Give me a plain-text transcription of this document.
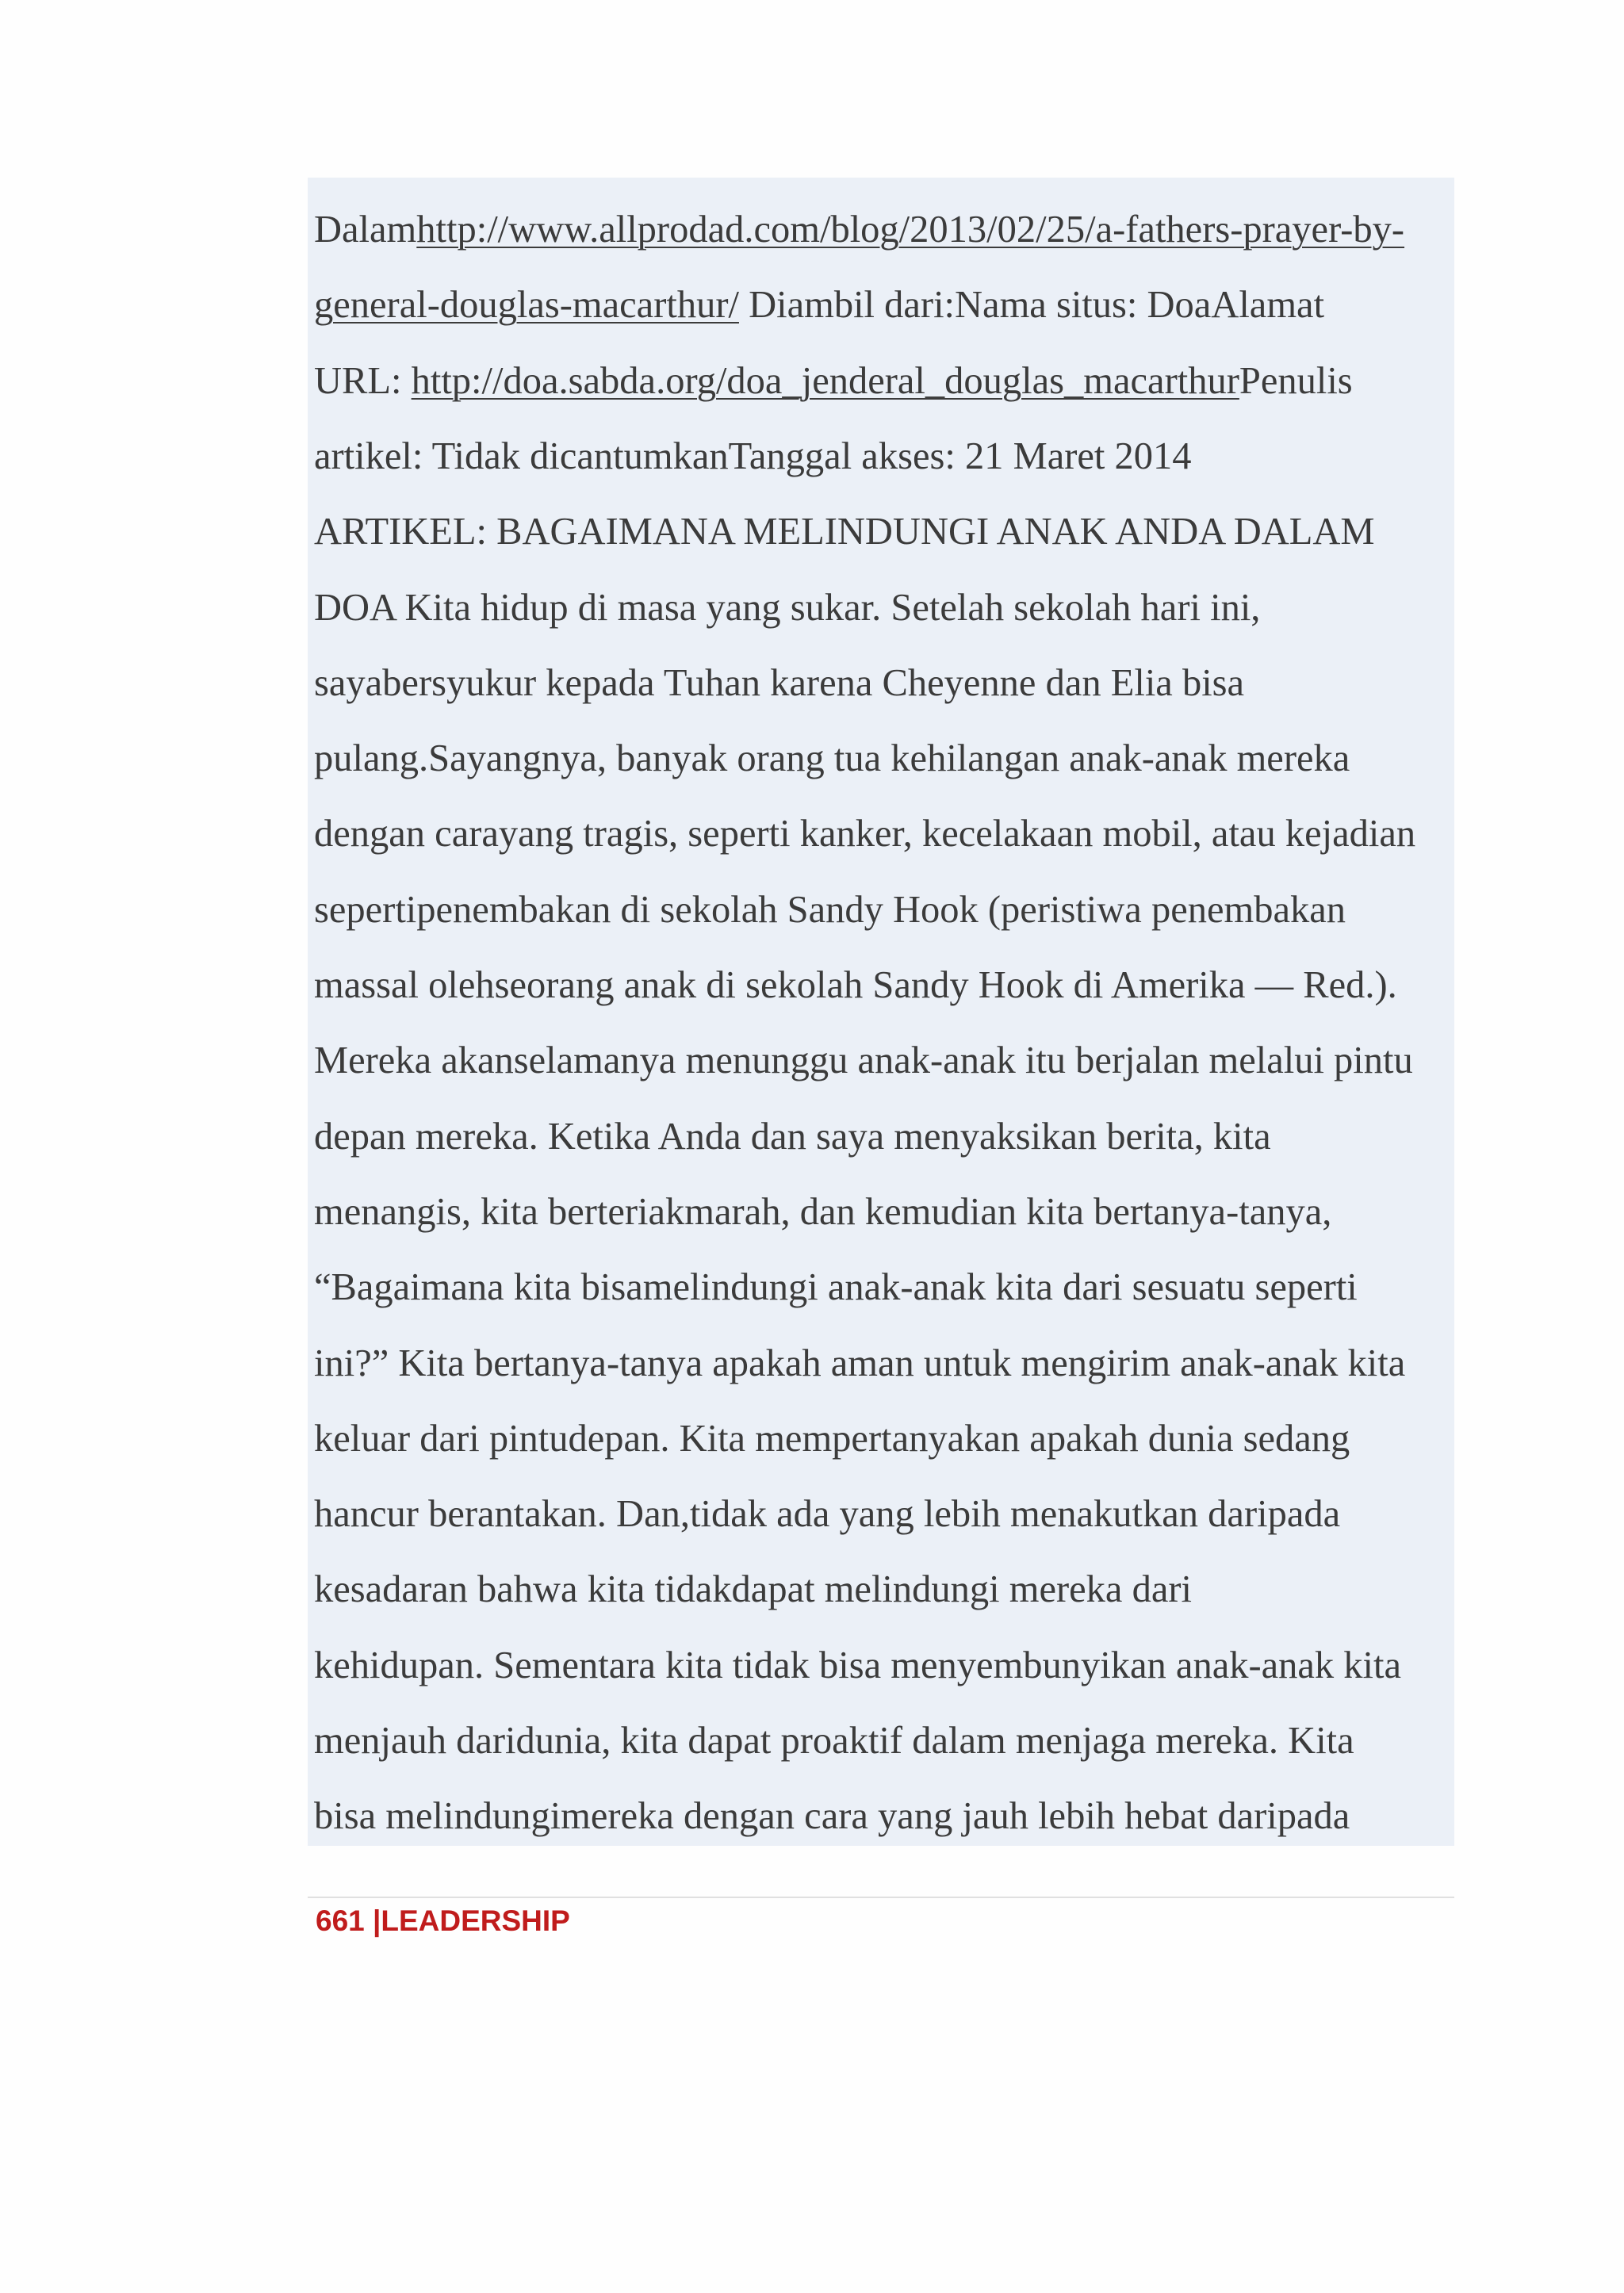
Dalamhttp://www.allprodad.com/blog/2013/02/25/a-fathers-prayer-by-
general-douglas-macarthur/ Diambil dari:Nama situs: DoaAlamat
URL: http://doa.sabda.org/doa_jenderal_douglas_macarthurPenulis
artikel: Tidak dicantumkanTanggal akses: 21 Maret 2014
ARTIKEL: BAGAIMANA MELINDUNGI ANAK ANDA DALAM
DOA Kita hidup di masa yang sukar. Setelah sekolah hari ini,
sayabersyukur kepada Tuhan karena Cheyenne dan Elia bisa
pulang.Sayangnya, banyak orang tua kehilangan anak-anak mereka
dengan carayang tragis, seperti kanker, kecelakaan mobil, atau kejadian
sepertipenembakan di sekolah Sandy Hook (peristiwa penembakan
massal olehseorang anak di sekolah Sandy Hook di Amerika — Red.).
Mereka akanselamanya menunggu anak-anak itu berjalan melalui pintu
depan mereka. Ketika Anda dan saya menyaksikan berita, kita
menangis, kita berteriakmarah, dan kemudian kita bertanya-tanya,
“Bagaimana kita bisamelindungi anak-anak kita dari sesuatu seperti
ini?” Kita bertanya-tanya apakah aman untuk mengirim anak-anak kita
keluar dari pintudepan. Kita mempertanyakan apakah dunia sedang
hancur berantakan. Dan,tidak ada yang lebih menakutkan daripada
kesadaran bahwa kita tidakdapat melindungi mereka dari
kehidupan. Sementara kita tidak bisa menyembunyikan anak-anak kita
menjauh daridunia, kita dapat proaktif dalam menjaga mereka. Kita
bisa melindungimereka dengan cara yang jauh lebih hebat daripada
661 |LEADERSHIP
